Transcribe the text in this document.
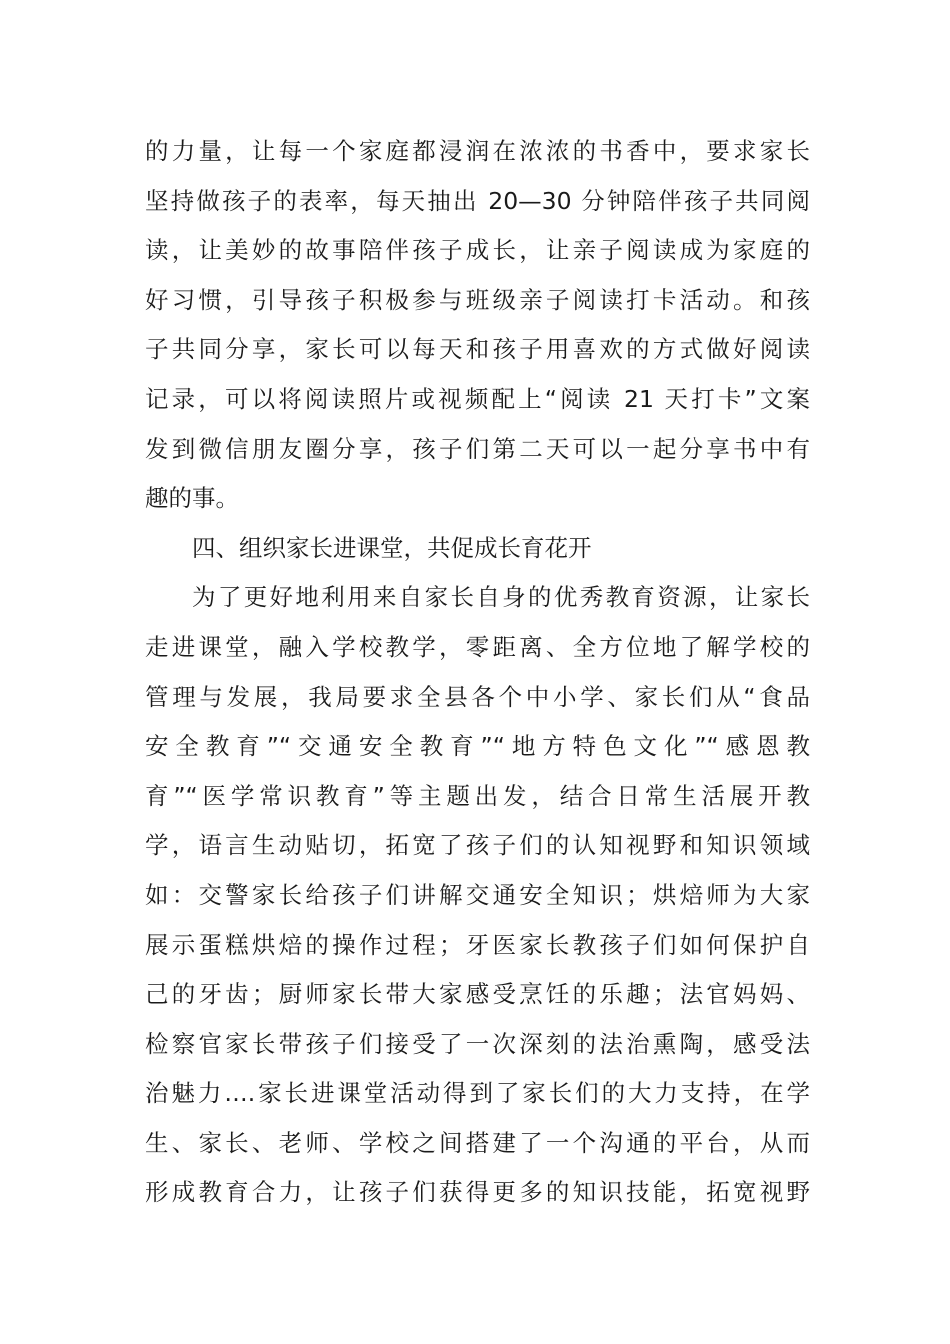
的力量，让每一个家庭都浸润在浓浓的书香中，要求家长
坚持做孩子的表率，每天抽出 20—30 分钟陪伴孩子共同阅
读，让美妙的故事陪伴孩子成长，让亲子阅读成为家庭的
好习惯，引导孩子积极参与班级亲子阅读打卡活动。和孩
子共同分享，家长可以每天和孩子用喜欢的方式做好阅读
记录，可以将阅读照片或视频配上“阅读 21 天打卡”文案
发到微信朋友圈分享，孩子们第二天可以一起分享书中有
趣的事。
四、组织家长进课堂，共促成长育花开
为了更好地利用来自家长自身的优秀教育资源，让家长
走进课堂，融入学校教学，零距离、全方位地了解学校的
管理与发展，我局要求全县各个中小学、家长们从“食品
安全教育”“交通安全教育”“地方特色文化”“感恩教
育”“医学常识教育”等主题出发，结合日常生活展开教
学，语言生动贴切，拓宽了孩子们的认知视野和知识领域
如：交警家长给孩子们讲解交通安全知识；烘焙师为大家
展示蛋糕烘焙的操作过程；牙医家长教孩子们如何保护自
己的牙齿；厨师家长带大家感受烹饪的乐趣；法官妈妈、
检察官家长带孩子们接受了一次深刻的法治熏陶，感受法
治魅力….家长进课堂活动得到了家长们的大力支持，在学
生、家长、老师、学校之间搭建了一个沟通的平台，从而
形成教育合力，让孩子们获得更多的知识技能，拓宽视野
